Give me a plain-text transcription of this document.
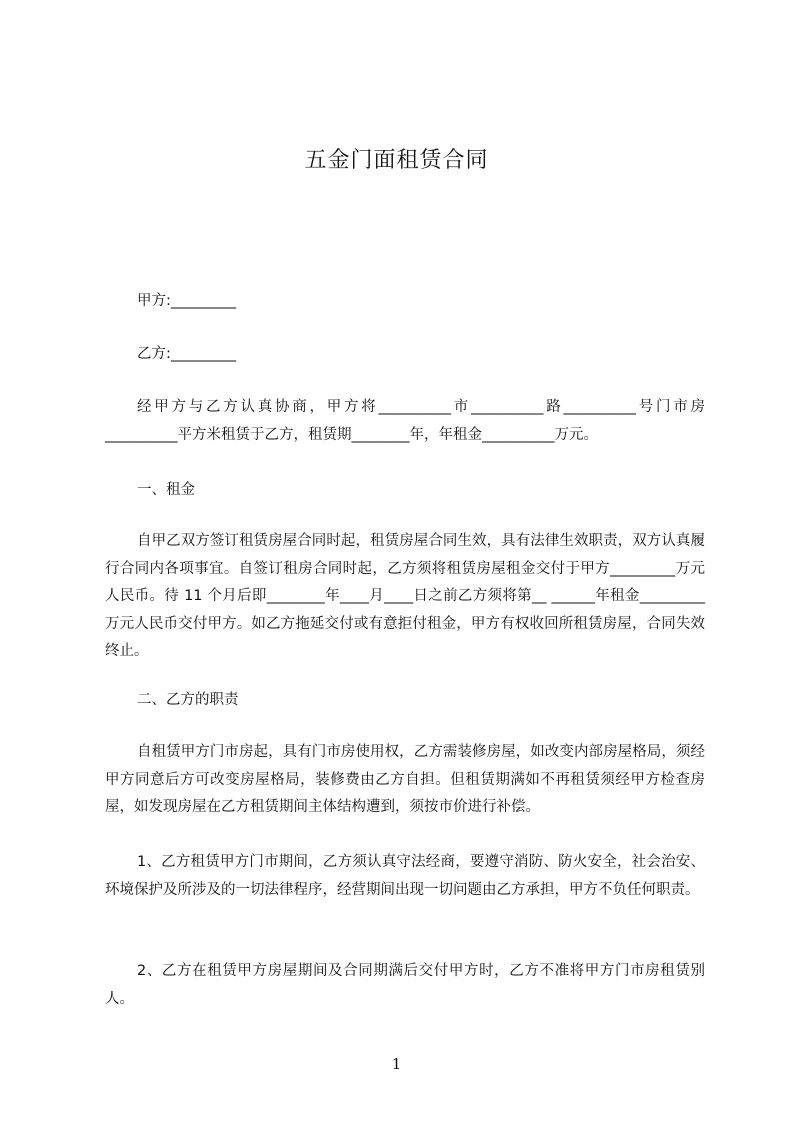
五金门面租赁合同
甲方:_________
乙方:_________
经甲方与乙方认真协商，甲方将__________市__________路__________号门市房__________平方米租赁于乙方，租赁期________年，年租金__________万元。
一、租金
自甲乙双方签订租赁房屋合同时起，租赁房屋合同生效，具有法律生效职责，双方认真履行合同内各项事宜。自签订租房合同时起，乙方须将租赁房屋租金交付于甲方_________万元人民币。待 11 个月后即________年____月____日之前乙方须将第__ ______年租金_________万元人民币交付甲方。如乙方拖延交付或有意拒付租金，甲方有权收回所租赁房屋，合同失效终止。
二、乙方的职责
自租赁甲方门市房起，具有门市房使用权，乙方需装修房屋，如改变内部房屋格局，须经甲方同意后方可改变房屋格局，装修费由乙方自担。但租赁期满如不再租赁须经甲方检查房屋，如发现房屋在乙方租赁期间主体结构遭到，须按市价进行补偿。
1、乙方租赁甲方门市期间，乙方须认真守法经商，要遵守消防、防火安全，社会治安、环境保护及所涉及的一切法律程序，经营期间出现一切问题由乙方承担，甲方不负任何职责。
2、乙方在租赁甲方房屋期间及合同期满后交付甲方时，乙方不准将甲方门市房租赁别人。
1
